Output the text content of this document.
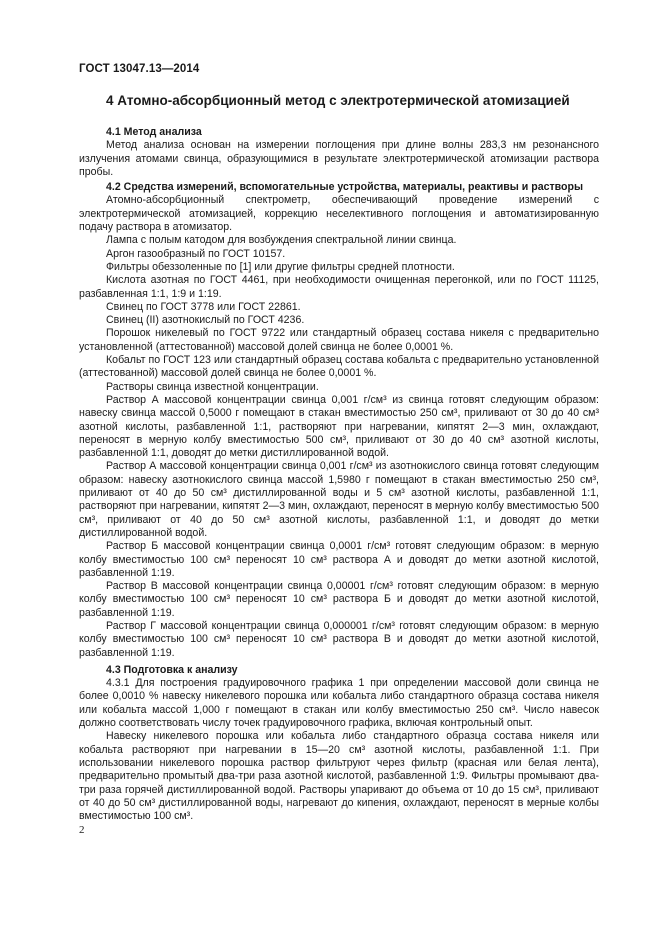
ГОСТ 13047.13—2014
4 Атомно-абсорбционный метод с электротермической атомизацией

4.1 Метод анализа

Метод анализа основан на измерении поглощения при длине волны 283,3 нм резонансного излучения атомами свинца, образующимися в результате электротермической атомизации раствора пробы.

4.2 Средства измерений, вспомогательные устройства, материалы, реактивы и растворы

Атомно-абсорбционный спектрометр, обеспечивающий проведение измерений с электротермической атомизацией, коррекцию неселективного поглощения и автоматизированную подачу раствора в атомизатор.

Лампа с полым катодом для возбуждения спектральной линии свинца.

Аргон газообразный по ГОСТ 10157.

Фильтры обеззоленные по [1] или другие фильтры средней плотности.

Кислота азотная по ГОСТ 4461, при необходимости очищенная перегонкой, или по ГОСТ 11125, разбавленная 1:1, 1:9 и 1:19.

Свинец по ГОСТ 3778 или ГОСТ 22861.

Свинец (II) азотнокислый по ГОСТ 4236.

Порошок никелевый по ГОСТ 9722 или стандартный образец состава никеля с предварительно установленной (аттестованной) массовой долей свинца не более 0,0001 %.

Кобальт по ГОСТ 123 или стандартный образец состава кобальта с предварительно установленной (аттестованной) массовой долей свинца не более 0,0001 %.

Растворы свинца известной концентрации.

Раствор А массовой концентрации свинца 0,001 г/см³ из свинца готовят следующим образом: навеску свинца массой 0,5000 г помещают в стакан вместимостью 250 см³, приливают от 30 до 40 см³ азотной кислоты, разбавленной 1:1, растворяют при нагревании, кипятят 2—3 мин, охлаждают, переносят в мерную колбу вместимостью 500 см³, приливают от 30 до 40 см³ азотной кислоты, разбавленной 1:1, доводят до метки дистиллированной водой.

Раствор А массовой концентрации свинца 0,001 г/см³ из азотнокислого свинца готовят следующим образом: навеску азотнокислого свинца массой 1,5980 г помещают в стакан вместимостью 250 см³, приливают от 40 до 50 см³ дистиллированной воды и 5 см³ азотной кислоты, разбавленной 1:1, растворяют при нагревании, кипятят 2—3 мин, охлаждают, переносят в мерную колбу вместимостью 500 см³, приливают от 40 до 50 см³ азотной кислоты, разбавленной 1:1, и доводят до метки дистиллированной водой.

Раствор Б массовой концентрации свинца 0,0001 г/см³ готовят следующим образом: в мерную колбу вместимостью 100 см³ переносят 10 см³ раствора А и доводят до метки азотной кислотой, разбавленной 1:19.

Раствор В массовой концентрации свинца 0,00001 г/см³ готовят следующим образом: в мерную колбу вместимостью 100 см³ переносят 10 см³ раствора Б и доводят до метки азотной кислотой, разбавленной 1:19.

Раствор Г массовой концентрации свинца 0,000001 г/см³ готовят следующим образом: в мерную колбу вместимостью 100 см³ переносят 10 см³ раствора В и доводят до метки азотной кислотой, разбавленной 1:19.

4.3 Подготовка к анализу

4.3.1 Для построения градуировочного графика 1 при определении массовой доли свинца не более 0,0010 % навеску никелевого порошка или кобальта либо стандартного образца состава никеля или кобальта массой 1,000 г помещают в стакан или колбу вместимостью 250 см³. Число навесок должно соответствовать числу точек градуировочного графика, включая контрольный опыт.

Навеску никелевого порошка или кобальта либо стандартного образца состава никеля или кобальта растворяют при нагревании в 15—20 см³ азотной кислоты, разбавленной 1:1. При использовании никелевого порошка раствор фильтруют через фильтр (красная или белая лента), предварительно промытый два-три раза азотной кислотой, разбавленной 1:9. Фильтры промывают два-три раза горячей дистиллированной водой. Растворы упаривают до объема от 10 до 15 см³, приливают от 40 до 50 см³ дистиллированной воды, нагревают до кипения, охлаждают, переносят в мерные колбы вместимостью 100 см³.

2
